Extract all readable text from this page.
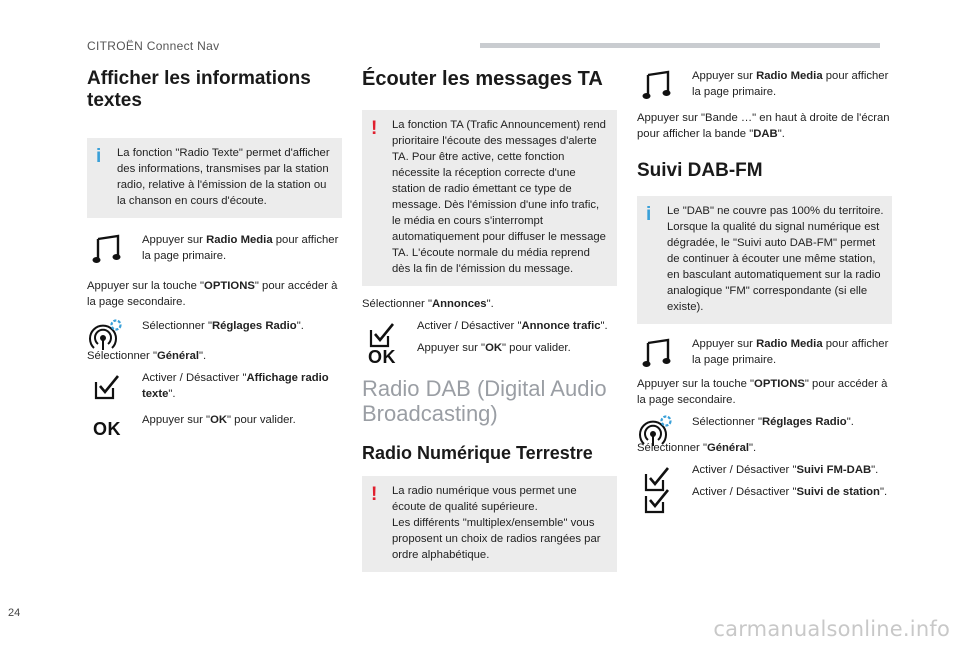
CITROËN Connect Nav
Afficher les informations textes
i La fonction "Radio Texte" permet d'afficher des informations, transmises par la station radio, relative à l'émission de la station ou la chanson en cours d'écoute.
Appuyer sur Radio Media pour afficher la page primaire.
Appuyer sur la touche "OPTIONS" pour accéder à la page secondaire.
Sélectionner "Réglages Radio".
Sélectionner "Général".
Activer / Désactiver "Affichage radio texte".
OK Appuyer sur "OK" pour valider.
Écouter les messages TA
! La fonction TA (Trafic Announcement) rend prioritaire l'écoute des messages d'alerte TA. Pour être active, cette fonction nécessite la réception correcte d'une station de radio émettant ce type de message. Dès l'émission d'une info trafic, le média en cours s'interrompt automatiquement pour diffuser le message TA. L'écoute normale du média reprend dès la fin de l'émission du message.
Sélectionner "Annonces".
Activer / Désactiver "Annonce trafic".
OK Appuyer sur "OK" pour valider.
Radio DAB (Digital Audio Broadcasting)
Radio Numérique Terrestre
! La radio numérique vous permet une écoute de qualité supérieure.
Les différents "multiplex/ensemble" vous proposent un choix de radios rangées par ordre alphabétique.
Appuyer sur Radio Media pour afficher la page primaire.
Appuyer sur "Bande …" en haut à droite de l'écran pour afficher la bande "DAB".
Suivi DAB-FM
i Le "DAB" ne couvre pas 100% du territoire.
Lorsque la qualité du signal numérique est dégradée, le "Suivi auto DAB-FM" permet de continuer à écouter une même station, en basculant automatiquement sur la radio analogique "FM" correspondante (si elle existe).
Appuyer sur Radio Media pour afficher la page primaire.
Appuyer sur la touche "OPTIONS" pour accéder à la page secondaire.
Sélectionner "Réglages Radio".
Sélectionner "Général".
Activer / Désactiver "Suivi FM-DAB".
Activer / Désactiver "Suivi de station".
24
carmanualsonline.info
